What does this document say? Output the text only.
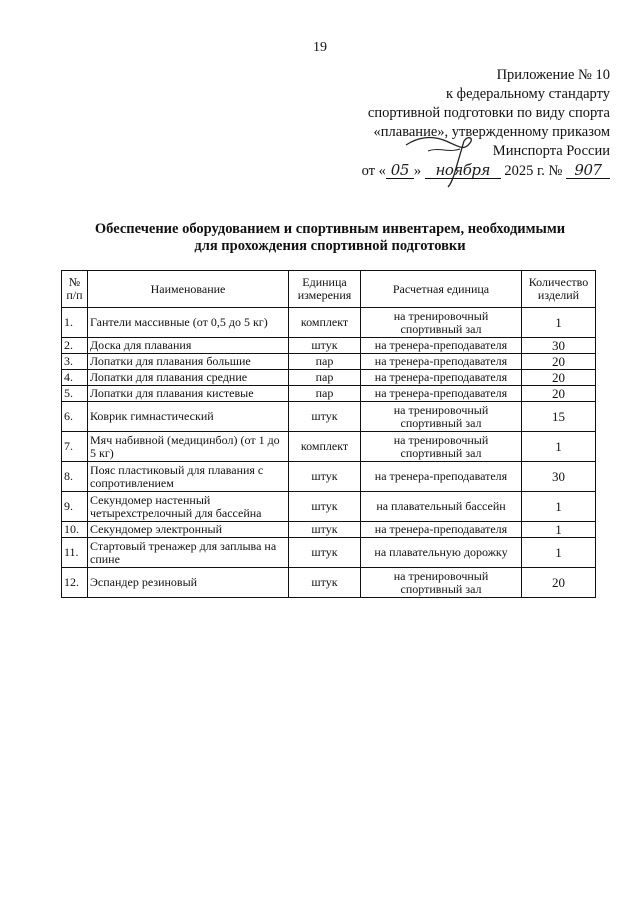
19
Приложение № 10
к федеральному стандарту
спортивной подготовки по виду спорта
«плавание», утвержденному приказом
Минспорта России
от « 05 » ноября 2025 г. № 907
Обеспечение оборудованием и спортивным инвентарем, необходимыми
для прохождения спортивной подготовки
№ п/п	Наименование	Единица измерения	Расчетная единица	Количество изделий
1.	Гантели массивные (от 0,5 до 5 кг)	комплект	на тренировочный спортивный зал	1
2.	Доска для плавания	штук	на тренера-преподавателя	30
3.	Лопатки для плавания большие	пар	на тренера-преподавателя	20
4.	Лопатки для плавания средние	пар	на тренера-преподавателя	20
5.	Лопатки для плавания кистевые	пар	на тренера-преподавателя	20
6.	Коврик гимнастический	штук	на тренировочный спортивный зал	15
7.	Мяч набивной (медицинбол) (от 1 до 5 кг)	комплект	на тренировочный спортивный зал	1
8.	Пояс пластиковый для плавания с сопротивлением	штук	на тренера-преподавателя	30
9.	Секундомер настенный четырехстрелочный для бассейна	штук	на плавательный бассейн	1
10.	Секундомер электронный	штук	на тренера-преподавателя	1
11.	Стартовый тренажер для заплыва на спине	штук	на плавательную дорожку	1
12.	Эспандер резиновый	штук	на тренировочный спортивный зал	20
